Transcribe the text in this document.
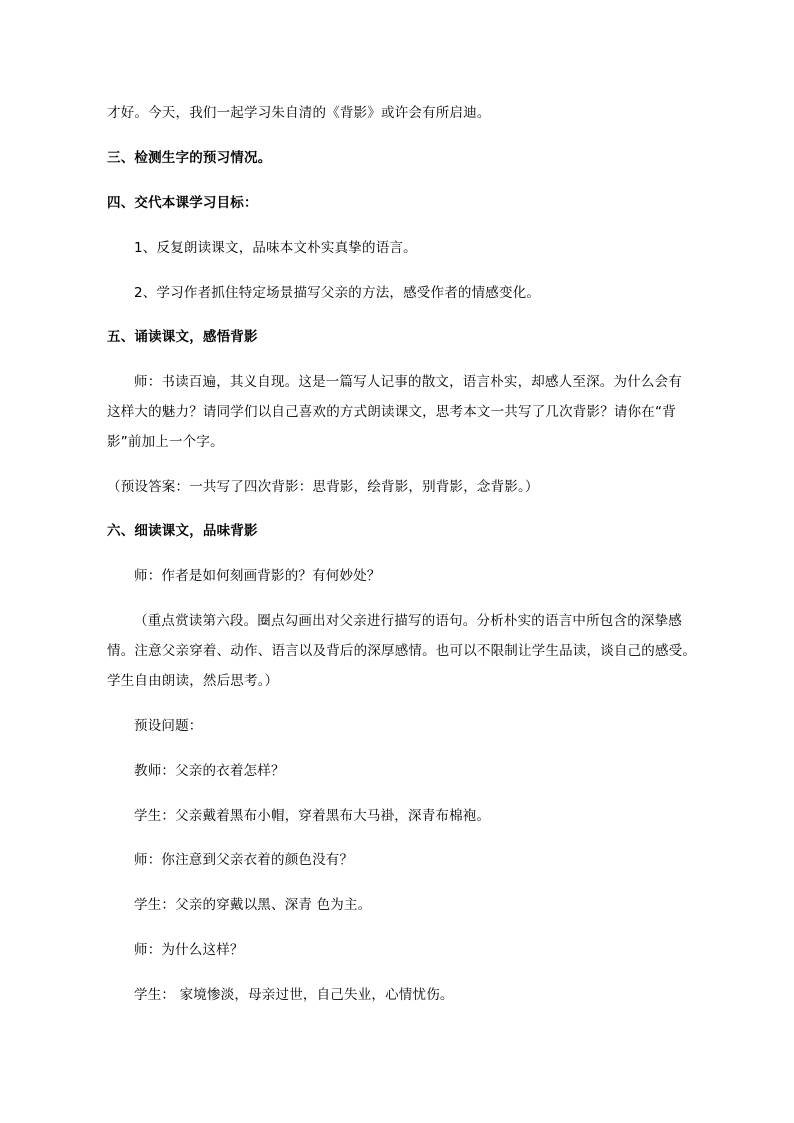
才好。今天，我们一起学习朱自清的《背影》或许会有所启迪。
三、检测生字的预习情况。
四、交代本课学习目标：
1、反复朗读课文，品味本文朴实真挚的语言。
2、学习作者抓住特定场景描写父亲的方法，感受作者的情感变化。
五、诵读课文，感悟背影
师：书读百遍，其义自现。这是一篇写人记事的散文，语言朴实，却感人至深。为什么会有
这样大的魅力？请同学们以自己喜欢的方式朗读课文，思考本文一共写了几次背影？请你在“背
影”前加上一个字。
（预设答案：一共写了四次背影：思背影，绘背影，别背影，念背影。）
六、细读课文，品味背影
师：作者是如何刻画背影的？有何妙处？
（重点赏读第六段。圈点勾画出对父亲进行描写的语句。分析朴实的语言中所包含的深挚感
情。注意父亲穿着、动作、语言以及背后的深厚感情。也可以不限制让学生品读，谈自己的感受。
学生自由朗读，然后思考。）
预设问题：
教师：父亲的衣着怎样？
学生：父亲戴着黑布小帽，穿着黑布大马褂，深青布棉袍。
师：你注意到父亲衣着的颜色没有？
学生：父亲的穿戴以黑、深青 色为主。
师：为什么这样？
学生： 家境惨淡，母亲过世，自己失业，心情忧伤。
